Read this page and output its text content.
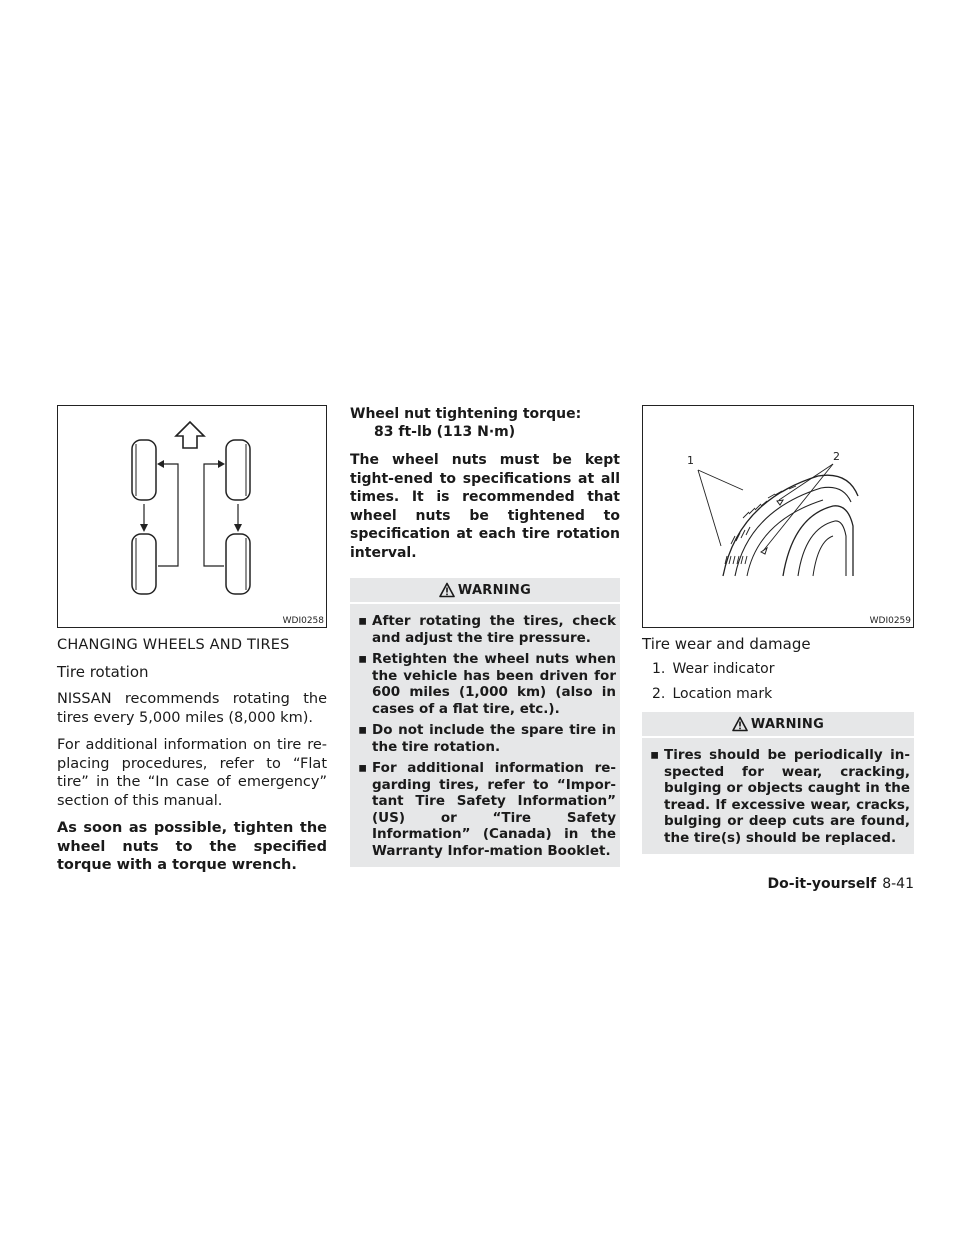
WDI0258
CHANGING WHEELS AND TIRES
Tire rotation

NISSAN recommends rotating the tires every 5,000 miles (8,000 km).

For additional information on tire re-placing procedures, refer to “Flat tire” in the “In case of emergency” section of this manual.

As soon as possible, tighten the wheel nuts to the specified torque with a torque wrench.

Wheel nut tightening torque:

83 ft-lb (113 N·m)

The wheel nuts must be kept tight-ened to specifications at all times. It is recommended that wheel nuts be tightened to specification at each tire rotation interval.

WARNING
▪ After rotating the tires, check and adjust the tire pressure.
▪ Retighten the wheel nuts when the vehicle has been driven for 600 miles (1,000 km) (also in cases of a flat tire, etc.).
▪ Do not include the spare tire in the tire rotation.
▪ For additional information re-garding tires, refer to “Impor-tant Tire Safety Information” (US) or “Tire Safety Information” (Canada) in the Warranty Infor-mation Booklet.
1	2
WDI0259
Tire wear and damage
1. Wear indicator
2. Location mark
WARNING
▪ Tires should be periodically in-spected for wear, cracking, bulging or objects caught in the tread. If excessive wear, cracks, bulging or deep cuts are found, the tire(s) should be replaced.
Do-it-yourself 8-41
